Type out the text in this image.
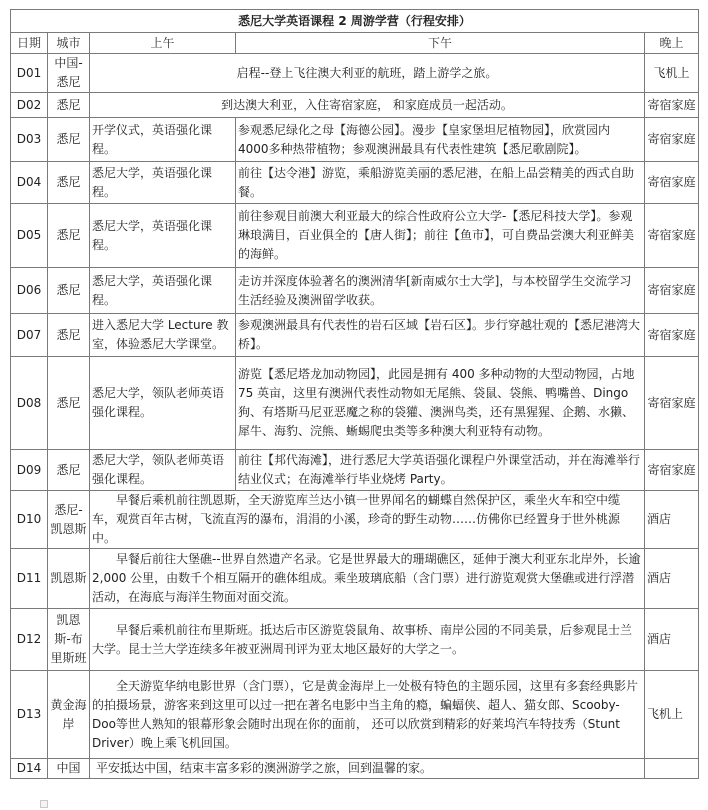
悉尼大学英语课程 2 周游学营（行程安排）				
日期	城市	上午	下午	晚上
D01	中国-悉尼	启程--登上飞往澳大利亚的航班，踏上游学之旅。		飞机上
D02	悉尼	到达澳大利亚，入住寄宿家庭， 和家庭成员一起活动。		寄宿家庭
D03	悉尼	开学仪式，英语强化课程。	参观悉尼绿化之母【海德公园】。漫步【皇家堡坦尼植物园】，欣赏园内 4000多种热带植物；参观澳洲最具有代表性建筑【悉尼歌剧院】。	寄宿家庭
D04	悉尼	悉尼大学，英语强化课程。	前往【达令港】游览，乘船游览美丽的悉尼港，在船上品尝精美的西式自助餐。	寄宿家庭
D05	悉尼	悉尼大学，英语强化课程。	前往参观目前澳大利亚最大的综合性政府公立大学-【悉尼科技大学】。参观琳琅满目，百业俱全的【唐人街】；前往【鱼市】，可自费品尝澳大利亚鲜美的海鲜。	寄宿家庭
D06	悉尼	悉尼大学，英语强化课程。	走访并深度体验著名的澳洲清华[新南威尔士大学]，与本校留学生交流学习生活经验及澳洲留学收获。	寄宿家庭
D07	悉尼	进入悉尼大学 Lecture 教室，体验悉尼大学课堂。	参观澳洲最具有代表性的岩石区域【岩石区】。步行穿越壮观的【悉尼港湾大桥】。	寄宿家庭
D08	悉尼	悉尼大学，领队老师英语强化课程。	游览【悉尼塔龙加动物园】，此园是拥有 400 多种动物的大型动物园，占地75 英亩，这里有澳洲代表性动物如无尾熊、袋鼠、袋熊、鸭嘴兽、Dingo 狗、有塔斯马尼亚恶魔之称的袋獾、澳洲鸟类，还有黑猩猩、企鹅、水獭、犀牛、海豹、浣熊、蜥蜴爬虫类等多种澳大利亚特有动物。	寄宿家庭
D09	悉尼	悉尼大学，领队老师英语强化课程。	前往【邦代海滩】，进行悉尼大学英语强化课程户外课堂活动，并在海滩举行结业仪式；在海滩举行毕业烧烤 Party。	寄宿家庭
D10	悉尼-凯恩斯	早餐后乘机前往凯恩斯，全天游览库兰达小镇一世界闻名的蝴蝶自然保护区，乘坐火车和空中缆车，观赏百年古树，飞流直泻的瀑布，涓涓的小溪，珍奇的野生动物……仿佛你已经置身于世外桃源中。		酒店
D11	凯恩斯	早餐后前往大堡礁--世界自然遗产名录。它是世界最大的珊瑚礁区，延伸于澳大利亚东北岸外，长逾 2,000 公里，由数千个相互隔开的礁体组成。乘坐玻璃底船（含门票）进行游览观赏大堡礁或进行浮潜活动，在海底与海洋生物面对面交流。		酒店
D12	凯恩斯-布里斯班	早餐后乘机前往布里斯班。抵达后市区游览袋鼠角、故事桥、南岸公园的不同美景，后参观昆士兰大学。昆士兰大学连续多年被亚洲周刊评为亚太地区最好的大学之一。		酒店
D13	黄金海岸	全天游览华纳电影世界（含门票），它是黄金海岸上一处极有特色的主题乐园，这里有多套经典影片的拍摄场景，游客来到这里可以过一把在著名电影中当主角的瘾，蝙蝠侠、超人、猫女郎、Scooby-Doo等世人熟知的银幕形象会随时出现在你的面前， 还可以欣赏到精彩的好莱坞汽车特技秀（Stunt Driver）晚上乘飞机回国。		飞机上
D14	中国	平安抵达中国，结束丰富多彩的澳洲游学之旅，回到温馨的家。		
